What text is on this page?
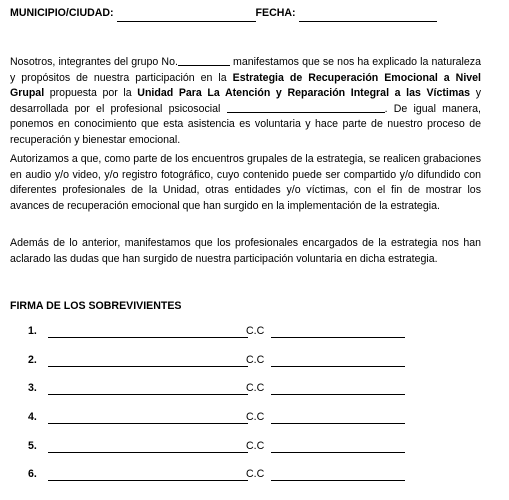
MUNICIPIO/CIUDAD:	FECHA:
Nosotros, integrantes del grupo No.	manifestamos que se nos ha explicado la naturaleza y propósitos de nuestra participación en la Estrategia de Recuperación Emocional a Nivel Grupal propuesta por la Unidad Para La Atención y Reparación Integral a las Víctimas y desarrollada por el profesional psicosocial	. De igual manera, ponemos en conocimiento que esta asistencia es voluntaria y hace parte de nuestro proceso de recuperación y bienestar emocional.
Autorizamos a que, como parte de los encuentros grupales de la estrategia, se realicen grabaciones en audio y/o video, y/o registro fotográfico, cuyo contenido puede ser compartido y/o difundido con diferentes profesionales de la Unidad, otras entidades y/o víctimas, con el fin de mostrar los avances de recuperación emocional que han surgido en la implementación de la estrategia.
Además de lo anterior, manifestamos que los profesionales encargados de la estrategia nos han aclarado las dudas que han surgido de nuestra participación voluntaria en dicha estrategia.
FIRMA DE LOS SOBREVIVIENTES
1.	C.C
2.	C.C
3.	C.C
4.	C.C
5.	C.C
6.	C.C
